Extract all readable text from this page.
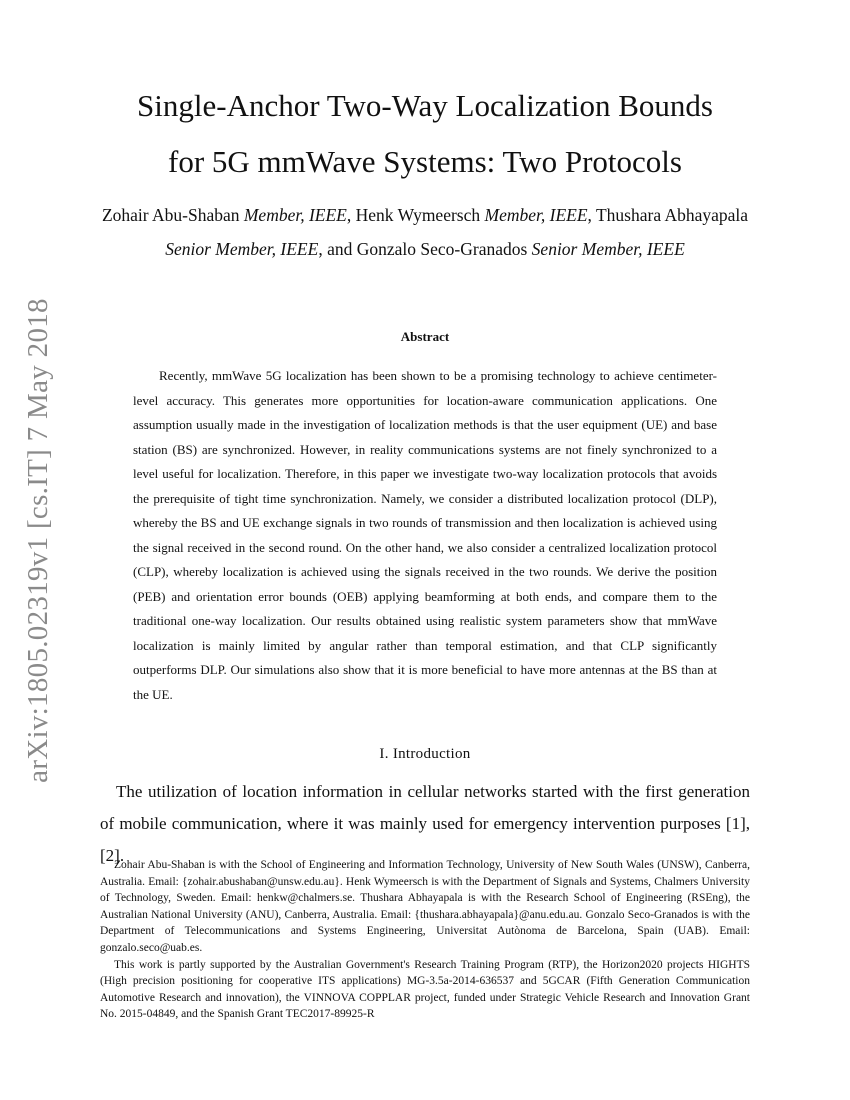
arXiv:1805.02319v1 [cs.IT] 7 May 2018
Single-Anchor Two-Way Localization Bounds
for 5G mmWave Systems: Two Protocols
Zohair Abu-Shaban Member, IEEE, Henk Wymeersch Member, IEEE, Thushara Abhayapala Senior Member, IEEE, and Gonzalo Seco-Granados Senior Member, IEEE
Abstract

Recently, mmWave 5G localization has been shown to be a promising technology to achieve centimeter-level accuracy. This generates more opportunities for location-aware communication applications. One assumption usually made in the investigation of localization methods is that the user equipment (UE) and base station (BS) are synchronized. However, in reality communications systems are not finely synchronized to a level useful for localization. Therefore, in this paper we investigate two-way localization protocols that avoids the prerequisite of tight time synchronization. Namely, we consider a distributed localization protocol (DLP), whereby the BS and UE exchange signals in two rounds of transmission and then localization is achieved using the signal received in the second round. On the other hand, we also consider a centralized localization protocol (CLP), whereby localization is achieved using the signals received in the two rounds. We derive the position (PEB) and orientation error bounds (OEB) applying beamforming at both ends, and compare them to the traditional one-way localization. Our results obtained using realistic system parameters show that mmWave localization is mainly limited by angular rather than temporal estimation, and that CLP significantly outperforms DLP. Our simulations also show that it is more beneficial to have more antennas at the BS than at the UE.

I. Introduction

The utilization of location information in cellular networks started with the first generation of mobile communication, where it was mainly used for emergency intervention purposes [1], [2].

Zohair Abu-Shaban is with the School of Engineering and Information Technology, University of New South Wales (UNSW), Canberra, Australia. Email: {zohair.abushaban@unsw.edu.au}. Henk Wymeersch is with the Department of Signals and Systems, Chalmers University of Technology, Sweden. Email: henkw@chalmers.se. Thushara Abhayapala is with the Research School of Engineering (RSEng), the Australian National University (ANU), Canberra, Australia. Email: {thushara.abhayapala}@anu.edu.au. Gonzalo Seco-Granados is with the Department of Telecommunications and Systems Engineering, Universitat Autònoma de Barcelona, Spain (UAB). Email: gonzalo.seco@uab.es.

This work is partly supported by the Australian Government's Research Training Program (RTP), the Horizon2020 projects HIGHTS (High precision positioning for cooperative ITS applications) MG-3.5a-2014-636537 and 5GCAR (Fifth Generation Communication Automotive Research and innovation), the VINNOVA COPPLAR project, funded under Strategic Vehicle Research and Innovation Grant No. 2015-04849, and the Spanish Grant TEC2017-89925-R
